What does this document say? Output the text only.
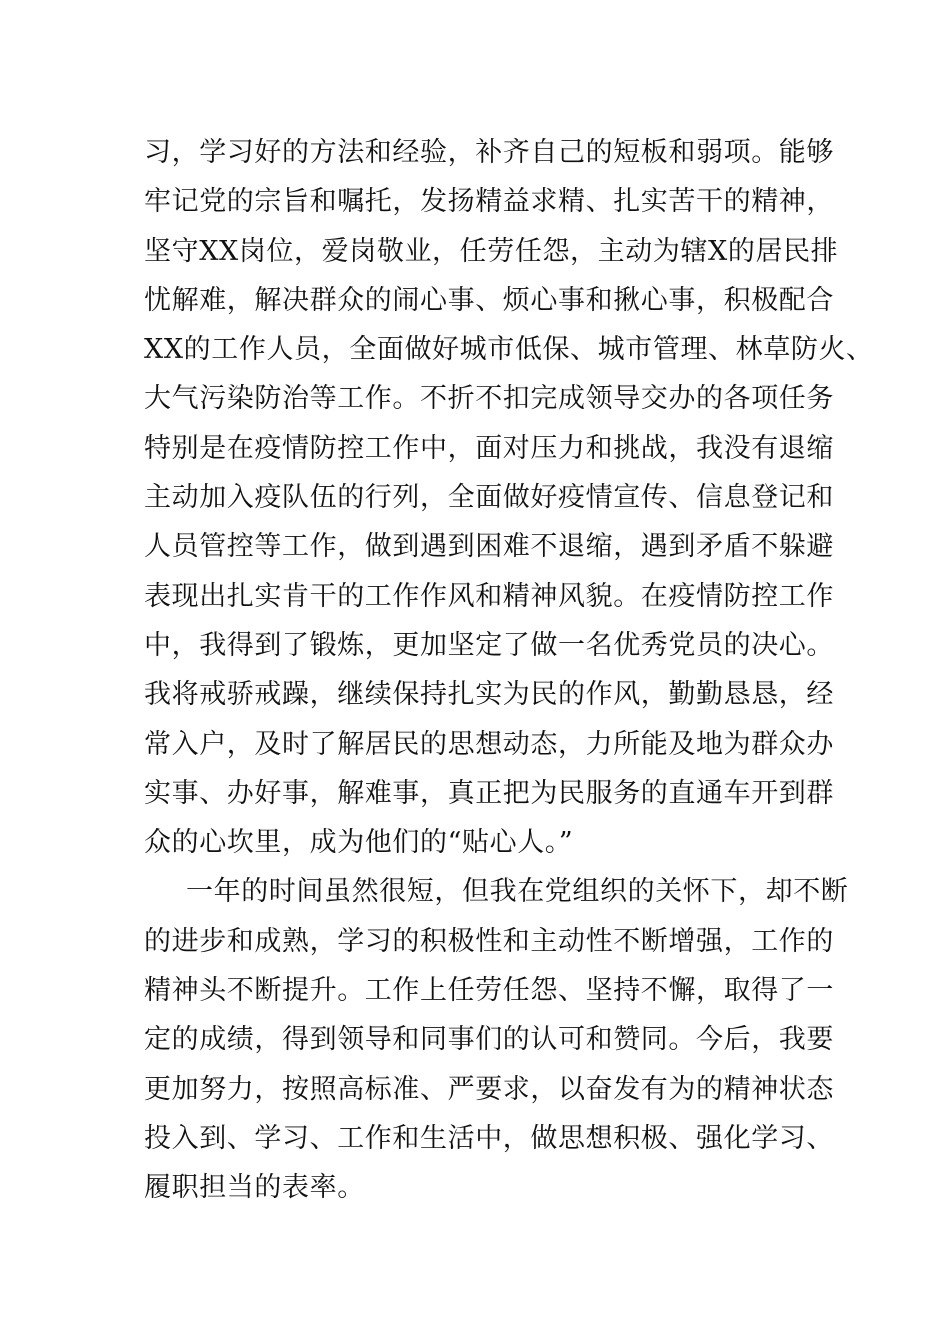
习，学习好的方法和经验，补齐自己的短板和弱项。能够
牢记党的宗旨和嘱托，发扬精益求精、扎实苦干的精神，
坚守XX岗位，爱岗敬业，任劳任怨，主动为辖X的居民排
忧解难，解决群众的闹心事、烦心事和揪心事，积极配合
XX的工作人员，全面做好城市低保、城市管理、林草防火、
大气污染防治等工作。不折不扣完成领导交办的各项任务
特别是在疫情防控工作中，面对压力和挑战，我没有退缩
主动加入疫队伍的行列，全面做好疫情宣传、信息登记和
人员管控等工作，做到遇到困难不退缩，遇到矛盾不躲避
表现出扎实肯干的工作作风和精神风貌。在疫情防控工作
中，我得到了锻炼，更加坚定了做一名优秀党员的决心。
我将戒骄戒躁，继续保持扎实为民的作风，勤勤恳恳，经
常入户，及时了解居民的思想动态，力所能及地为群众办
实事、办好事，解难事，真正把为民服务的直通车开到群
众的心坎里，成为他们的“贴心人。”
一年的时间虽然很短，但我在党组织的关怀下，却不断
的进步和成熟，学习的积极性和主动性不断增强，工作的
精神头不断提升。工作上任劳任怨、坚持不懈，取得了一
定的成绩，得到领导和同事们的认可和赞同。今后，我要
更加努力，按照高标准、严要求，以奋发有为的精神状态
投入到、学习、工作和生活中，做思想积极、强化学习、
履职担当的表率。
